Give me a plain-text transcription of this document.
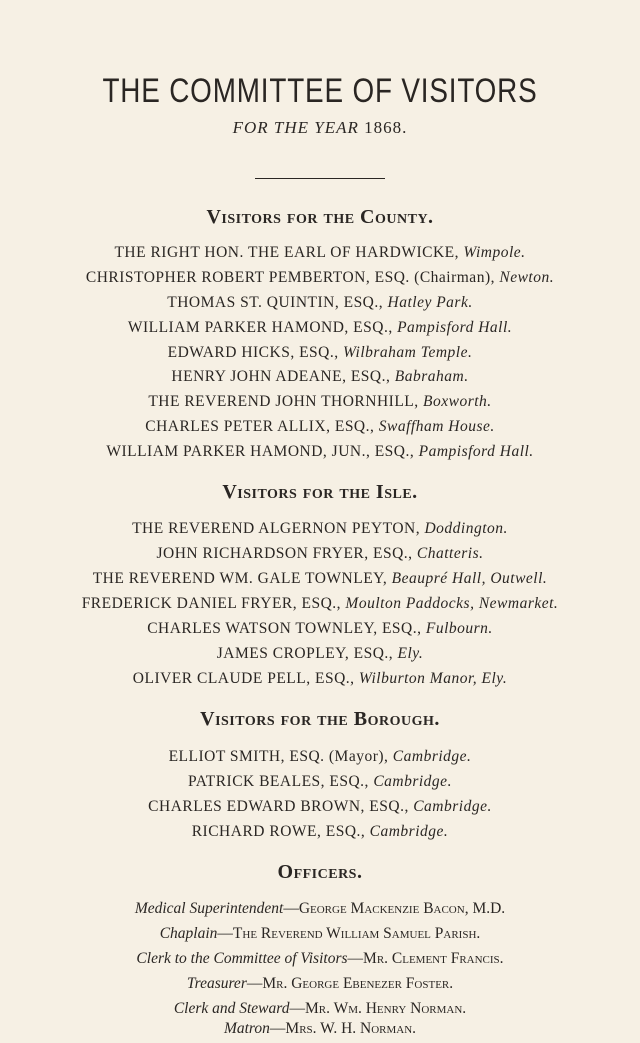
THE COMMITTEE OF VISITORS
FOR THE YEAR 1868.
Visitors for the County.
THE RIGHT HON. THE EARL OF HARDWICKE, Wimpole.
CHRISTOPHER ROBERT PEMBERTON, ESQ. (Chairman), Newton.
THOMAS ST. QUINTIN, ESQ., Hatley Park.
WILLIAM PARKER HAMOND, ESQ., Pampisford Hall.
EDWARD HICKS, ESQ., Wilbraham Temple.
HENRY JOHN ADEANE, ESQ., Babraham.
THE REVEREND JOHN THORNHILL, Boxworth.
CHARLES PETER ALLIX, ESQ., Swaffham House.
WILLIAM PARKER HAMOND, JUN., ESQ., Pampisford Hall.
Visitors for the Isle.
THE REVEREND ALGERNON PEYTON, Doddington.
JOHN RICHARDSON FRYER, ESQ., Chatteris.
THE REVEREND WM. GALE TOWNLEY, Beaupré Hall, Outwell.
FREDERICK DANIEL FRYER, ESQ., Moulton Paddocks, Newmarket.
CHARLES WATSON TOWNLEY, ESQ., Fulbourn.
JAMES CROPLEY, ESQ., Ely.
OLIVER CLAUDE PELL, ESQ., Wilburton Manor, Ely.
Visitors for the Borough.
ELLIOT SMITH, ESQ. (Mayor), Cambridge.
PATRICK BEALES, ESQ., Cambridge.
CHARLES EDWARD BROWN, ESQ., Cambridge.
RICHARD ROWE, ESQ., Cambridge.
Officers.
Medical Superintendent—George Mackenzie Bacon, M.D.
Chaplain—The Reverend William Samuel Parish.
Clerk to the Committee of Visitors—Mr. Clement Francis.
Treasurer—Mr. George Ebenezer Foster.
Clerk and Steward—Mr. Wm. Henry Norman.
Matron—Mrs. W. H. Norman.
